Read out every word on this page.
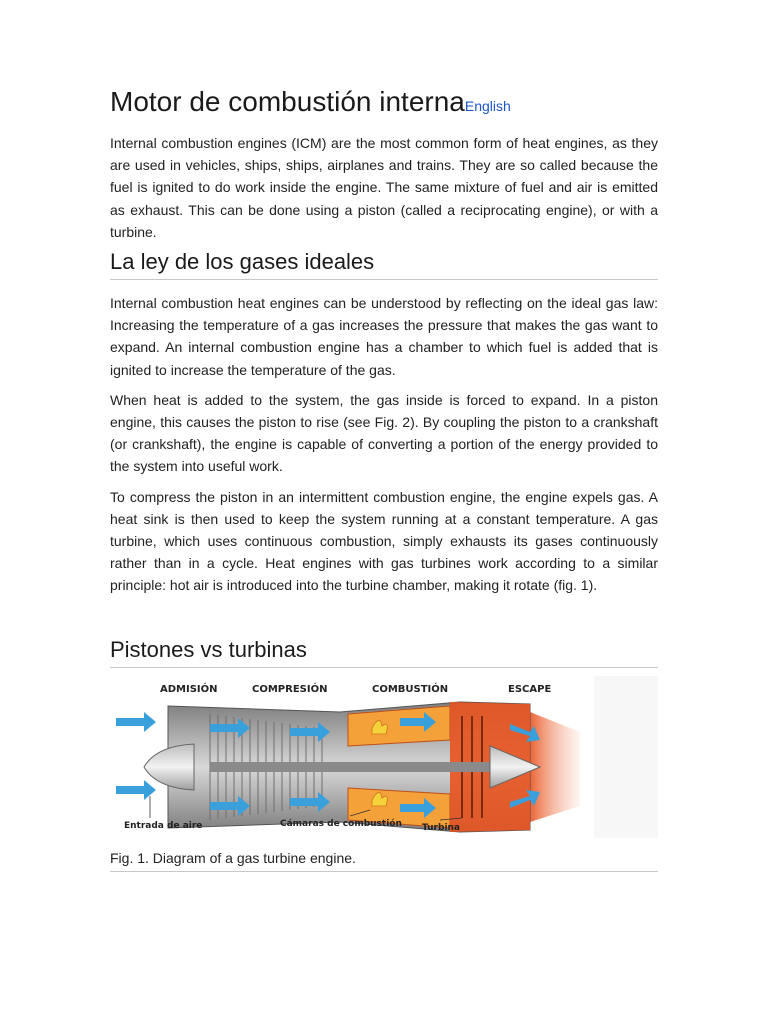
Motor de combustión internaEnglish

Internal combustion engines (ICM) are the most common form of heat engines, as they are used in vehicles, ships, ships, airplanes and trains. They are so called because the fuel is ignited to do work inside the engine. The same mixture of fuel and air is emitted as exhaust. This can be done using a piston (called a reciprocating engine), or with a turbine.

La ley de los gases ideales

Internal combustion heat engines can be understood by reflecting on the ideal gas law: Increasing the temperature of a gas increases the pressure that makes the gas want to expand. An internal combustion engine has a chamber to which fuel is added that is ignited to increase the temperature of the gas.

When heat is added to the system, the gas inside is forced to expand. In a piston engine, this causes the piston to rise (see Fig. 2). By coupling the piston to a crankshaft (or crankshaft), the engine is capable of converting a portion of the energy provided to the system into useful work.

To compress the piston in an intermittent combustion engine, the engine expels gas. A heat sink is then used to keep the system running at a constant temperature. A gas turbine, which uses continuous combustion, simply exhausts its gases continuously rather than in a cycle. Heat engines with gas turbines work according to a similar principle: hot air is introduced into the turbine chamber, making it rotate (fig. 1).

Pistones vs turbinas
ADMISIÓN	COMPRESIÓN	COMBUSTIÓN	ESCAPE
Entrada de aire	Cámaras de combustión Turbina
Fig. 1. Diagram of a gas turbine engine.
